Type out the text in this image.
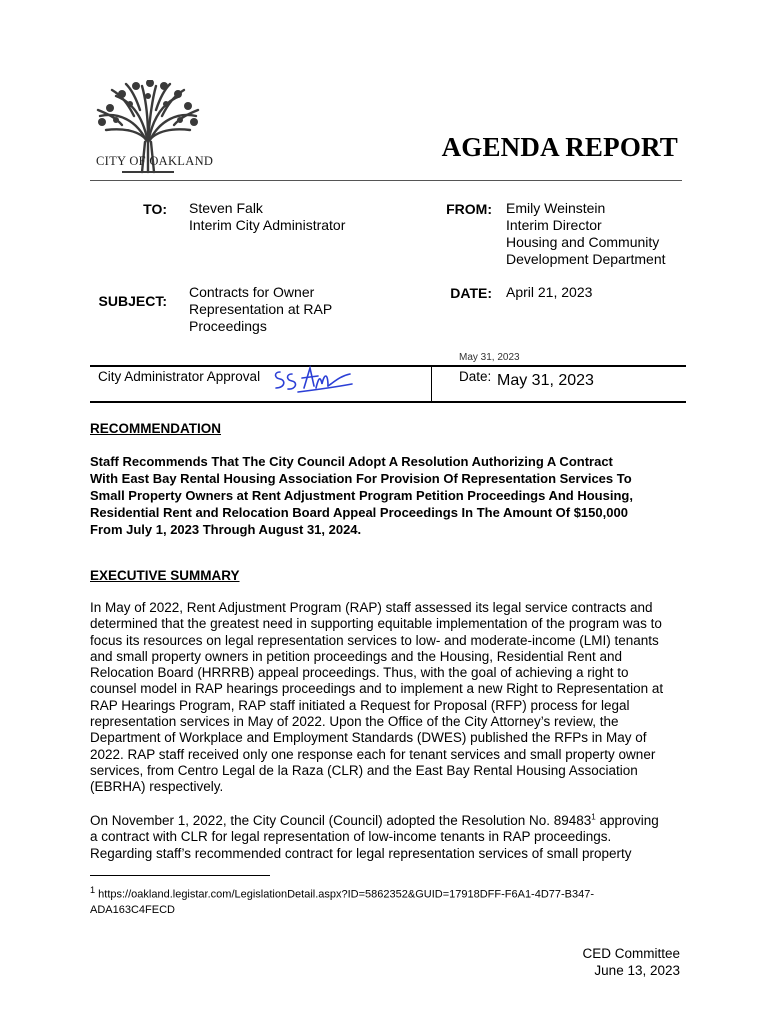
CITY OF OAKLAND	AGENDA REPORT
TO: Steven Falk
Interim City Administrator
FROM: Emily Weinstein
Interim Director
Housing and Community
Development Department
SUBJECT:
Contracts for Owner
Representation at RAP
Proceedings
DATE: April 21, 2023
May 31, 2023
City Administrator Approval	Date: May 31, 2023
RECOMMENDATION
Staff Recommends That The City Council Adopt A Resolution Authorizing A Contract
With East Bay Rental Housing Association For Provision Of Representation Services To
Small Property Owners at Rent Adjustment Program Petition Proceedings And Housing,
Residential Rent and Relocation Board Appeal Proceedings In The Amount Of $150,000
From July 1, 2023 Through August 31, 2024.
EXECUTIVE SUMMARY
In May of 2022, Rent Adjustment Program (RAP) staff assessed its legal service contracts and
determined that the greatest need in supporting equitable implementation of the program was to
focus its resources on legal representation services to low- and moderate-income (LMI) tenants
and small property owners in petition proceedings and the Housing, Residential Rent and
Relocation Board (HRRRB) appeal proceedings. Thus, with the goal of achieving a right to
counsel model in RAP hearings proceedings and to implement a new Right to Representation at
RAP Hearings Program, RAP staff initiated a Request for Proposal (RFP) process for legal
representation services in May of 2022. Upon the Office of the City Attorney’s review, the
Department of Workplace and Employment Standards (DWES) published the RFPs in May of
2022. RAP staff received only one response each for tenant services and small property owner
services, from Centro Legal de la Raza (CLR) and the East Bay Rental Housing Association
(EBRHA) respectively.
On November 1, 2022, the City Council (Council) adopted the Resolution No. 89483$^1$ approving
a contract with CLR for legal representation of low-income tenants in RAP proceedings.
Regarding staff’s recommended contract for legal representation services of small property
$^1$ https://oakland.legistar.com/LegislationDetail.aspx?ID=5862352&GUID=17918DFF-F6A1-4D77-B347-
ADA163C4FECD
CED Committee
June 13, 2023
